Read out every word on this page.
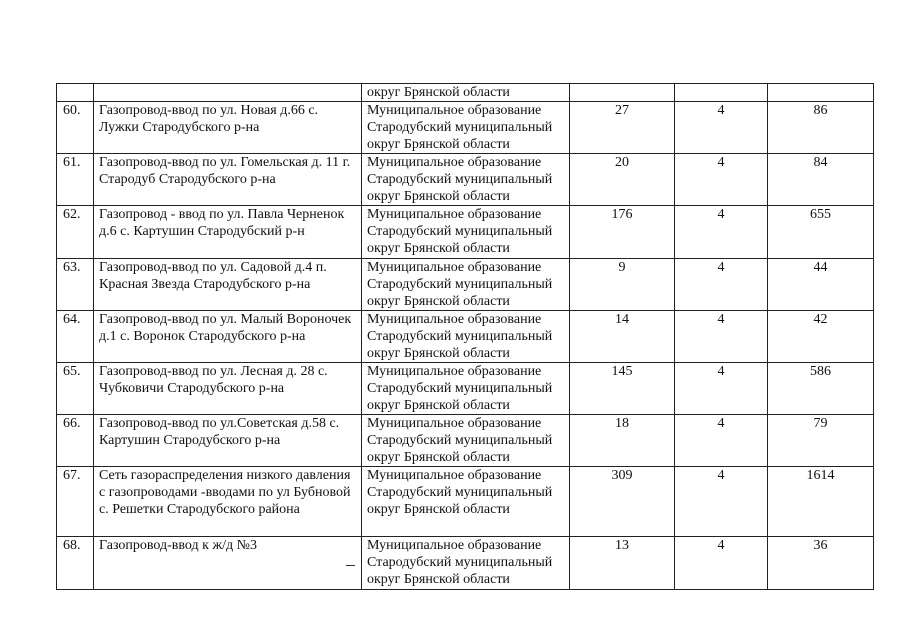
		округ Брянской области			
60.	Газопровод-ввод по ул. Новая д.66 с. Лужки Стародубского р-на	Муниципальное образование Стародубский муниципальный округ Брянской области	27	4	86
61.	Газопровод-ввод по ул. Гомельская д. 11 г. Стародуб Стародубского р-на	Муниципальное образование Стародубский муниципальный округ Брянской области	20	4	84
62.	Газопровод - ввод по ул. Павла Черненок д.6 с. Картушин Стародубский р-н	Муниципальное образование Стародубский муниципальный округ Брянской области	176	4	655
63.	Газопровод-ввод по ул. Садовой д.4 п. Красная Звезда Стародубского р-на	Муниципальное образование Стародубский муниципальный округ Брянской области	9	4	44
64.	Газопровод-ввод по ул. Малый Вороночек д.1 с. Воронок Стародубского р-на	Муниципальное образование Стародубский муниципальный округ Брянской области	14	4	42
65.	Газопровод-ввод по ул. Лесная д. 28 с. Чубковичи Стародубского р-на	Муниципальное образование Стародубский муниципальный округ Брянской области	145	4	586
66.	Газопровод-ввод по ул.Советская д.58 с. Картушин Стародубского р-на	Муниципальное образование Стародубский муниципальный округ Брянской области	18	4	79
67.	Сеть газораспределения низкого давления с газопроводами -вводами по ул Бубновой с. Решетки Стародубского района	Муниципальное образование Стародубский муниципальный округ Брянской области	309	4	1614
68.	Газопровод-ввод к ж/д №3	Муниципальное образование Стародубский муниципальный округ Брянской области	13	4	36
